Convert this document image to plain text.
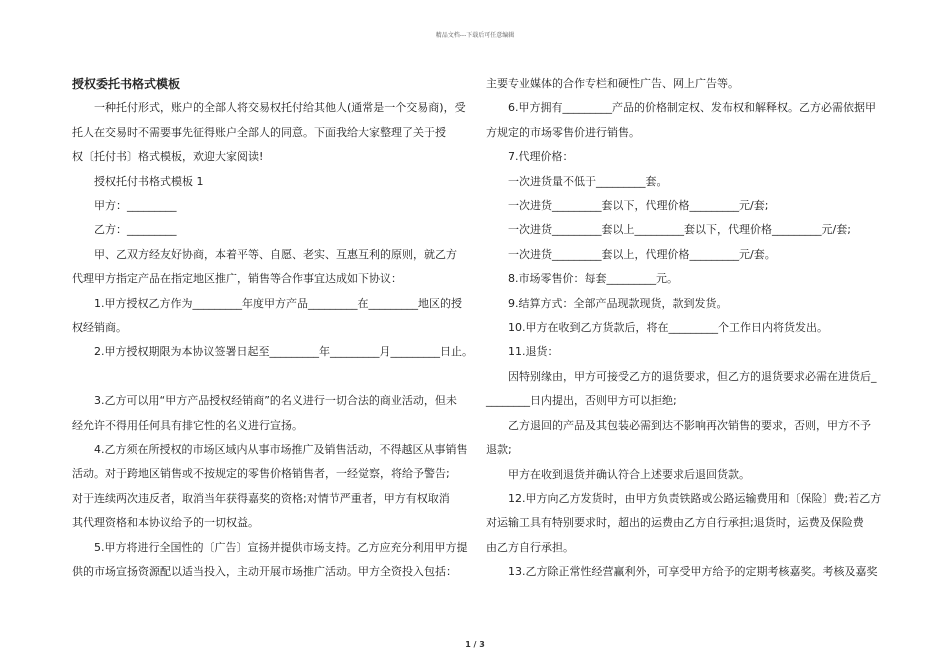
精品文档---下载后可任意编辑

授权委托书格式模板

　　一种托付形式，账户的全部人将交易权托付给其他人(通常是一个交易商)，受

托人在交易时不需要事先征得账户全部人的同意。下面我给大家整理了关于授

权〔托付书〕格式模板，欢迎大家阅读!

　　授权托付书格式模板 1

　　甲方：_________

　　乙方：_________

　　甲、乙双方经友好协商，本着平等、自愿、老实、互惠互利的原则，就乙方

代理甲方指定产品在指定地区推广，销售等合作事宜达成如下协议：

　　1.甲方授权乙方作为_________年度甲方产品_________在_________地区的授

权经销商。

　　2.甲方授权期限为本协议签署日起至_________年_________月_________日止。

　　3.乙方可以用“甲方产品授权经销商”的名义进行一切合法的商业活动，但未

经允许不得用任何具有排它性的名义进行宣扬。

　　4.乙方须在所授权的市场区域内从事市场推广及销售活动，不得越区从事销售

活动。对于跨地区销售或不按规定的零售价格销售者，一经觉察，将给予警告;

对于连续两次违反者，取消当年获得嘉奖的资格;对情节严重者，甲方有权取消

其代理资格和本协议给予的一切权益。

　　5.甲方将进行全国性的〔广告〕宣扬并提供市场支持。乙方应充分利用甲方提

供的市场宣扬资源配以适当投入，主动开展市场推广活动。甲方全资投入包括：

主要专业媒体的合作专栏和硬性广告、网上广告等。

　　6.甲方拥有_________产品的价格制定权、发布权和解释权。乙方必需依据甲

方规定的市场零售价进行销售。

　　7.代理价格：

　　一次进货量不低于_________套。

　　一次进货_________套以下，代理价格_________元/套;

　　一次进货_________套以上_________套以下，代理价格_________元/套;

　　一次进货_________套以上，代理价格_________元/套。

　　8.市场零售价：每套_________元。

　　9.结算方式：全部产品现款现货，款到发货。

　　10.甲方在收到乙方货款后，将在_________个工作日内将货发出。

　　11.退货：

　　因特别缘由，甲方可接受乙方的退货要求，但乙方的退货要求必需在进货后_

________日内提出，否则甲方可以拒绝;

　　乙方退回的产品及其包装必需到达不影响再次销售的要求，否则，甲方不予

退款;

　　甲方在收到退货并确认符合上述要求后退回货款。

　　12.甲方向乙方发货时，由甲方负责铁路或公路运输费用和〔保险〕费;若乙方

对运输工具有特别要求时，超出的运费由乙方自行承担;退货时，运费及保险费

由乙方自行承担。

　　13.乙方除正常性经营赢利外，可享受甲方给予的定期考核嘉奖。考核及嘉奖

1 / 3
